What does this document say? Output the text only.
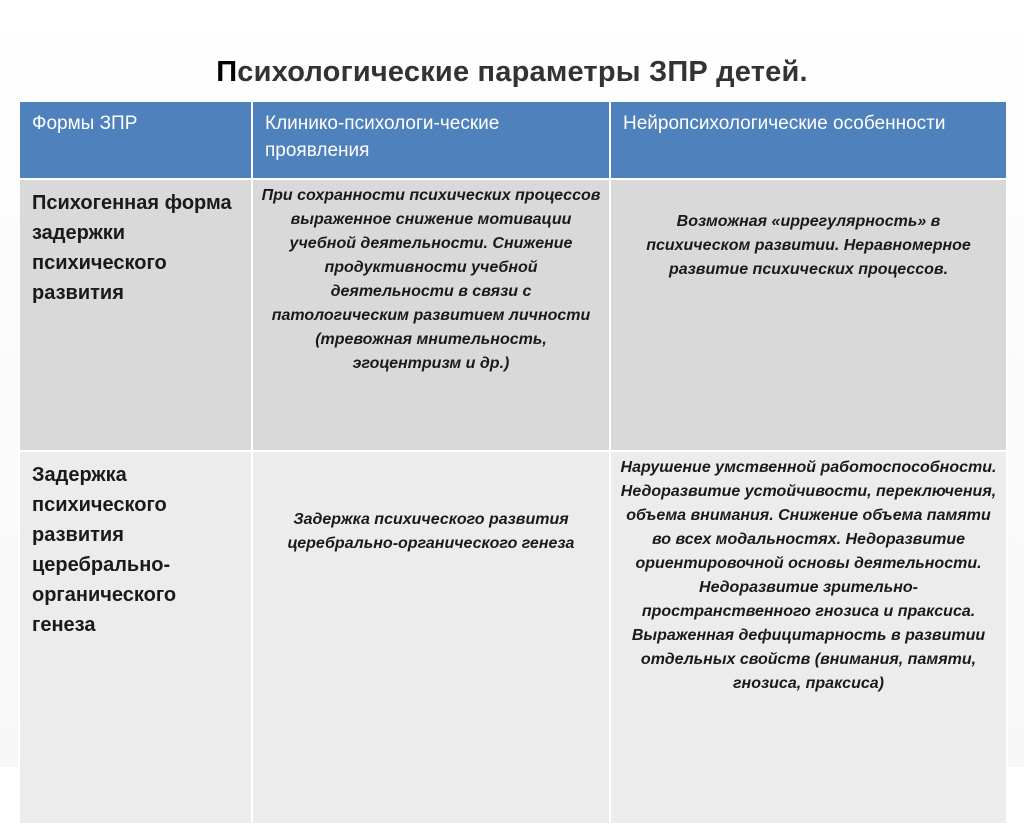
Психологические параметры ЗПР детей.
Формы ЗПР	Клинико-психологи-ческие проявления	Нейропсихологические особенности
Психогенная форма задержки психического развития	При сохранности психических процессов выраженное снижение мотивации учебной деятельности. Снижение продуктивности учебной деятельности в связи с патологическим развитием личности (тревожная мнительность, эгоцентризм и др.)	Возможная «иррегулярность» в психическом развитии. Неравномерное развитие психических процессов.
Задержка психического развития церебрально-органического генеза	Задержка психического развития церебрально-органического генеза	Нарушение умственной работоспособности. Недоразвитие устойчивости, переключения, объема внимания. Снижение объема памяти во всех модальностях. Недоразвитие ориентировочной основы деятельности. Недоразвитие зрительно-пространственного гнозиса и праксиса. Выраженная дефицитарность в развитии отдельных свойств (внимания, памяти, гнозиса, праксиса)
